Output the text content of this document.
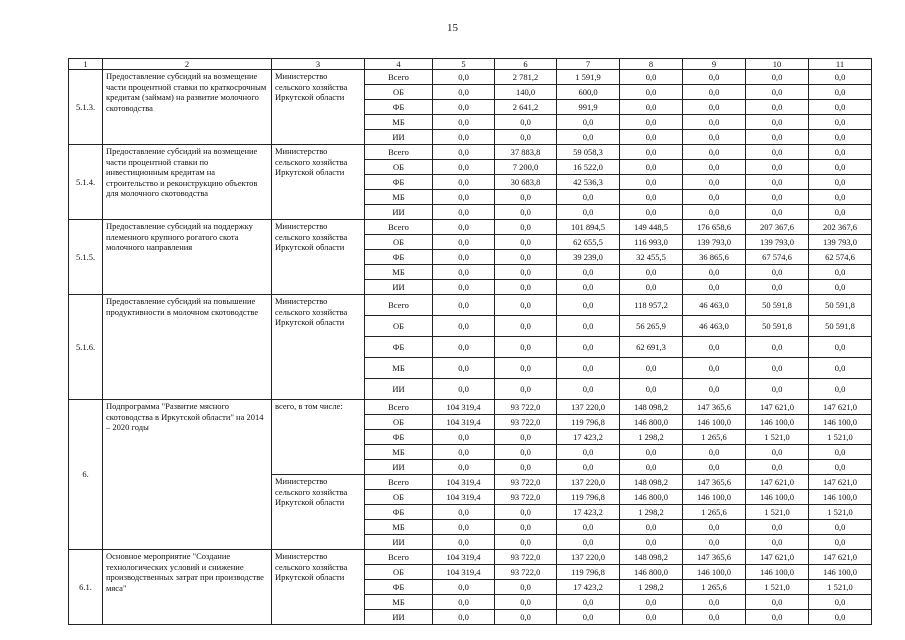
15
1	2	3	4	5	6	7	8	9	10	11
5.1.3.	Предоставление субсидий на возмещение части процентной ставки по краткосрочным кредитам (займам) на развитие молочного скотоводства	Министерство сельского хозяйства Иркутской области	Всего	0,0	2 781,2	1 591,9	0,0	0,0	0,0	0,0
			ОБ	0,0	140,0	600,0	0,0	0,0	0,0	0,0
			ФБ	0,0	2 641,2	991,9	0,0	0,0	0,0	0,0
			МБ	0,0	0,0	0,0	0,0	0,0	0,0	0,0
			ИИ	0,0	0,0	0,0	0,0	0,0	0,0	0,0
5.1.4.	Предоставление субсидий на возмещение части процентной ставки по инвестиционным кредитам на строительство и реконструкцию объектов для молочного скотоводства	Министерство сельского хозяйства Иркутской области	Всего	0,0	37 883,8	59 058,3	0,0	0,0	0,0	0,0
			ОБ	0,0	7 200,0	16 522,0	0,0	0,0	0,0	0,0
			ФБ	0,0	30 683,8	42 536,3	0,0	0,0	0,0	0,0
			МБ	0,0	0,0	0,0	0,0	0,0	0,0	0,0
			ИИ	0,0	0,0	0,0	0,0	0,0	0,0	0,0
5.1.5.	Предоставление субсидий на поддержку племенного крупного рогатого скота молочного направления	Министерство сельского хозяйства Иркутской области	Всего	0,0	0,0	101 894,5	149 448,5	176 658,6	207 367,6	202 367,6
			ОБ	0,0	0,0	62 655,5	116 993,0	139 793,0	139 793,0	139 793,0
			ФБ	0,0	0,0	39 239,0	32 455,5	36 865,6	67 574,6	62 574,6
			МБ	0,0	0,0	0,0	0,0	0,0	0,0	0,0
			ИИ	0,0	0,0	0,0	0,0	0,0	0,0	0,0
5.1.6.	Предоставление субсидий на повышение продуктивности в молочном скотоводстве	Министерство сельского хозяйства Иркутской области	Всего	0,0	0,0	0,0	118 957,2	46 463,0	50 591,8	50 591,8
			ОБ	0,0	0,0	0,0	56 265,9	46 463,0	50 591,8	50 591,8
			ФБ	0,0	0,0	0,0	62 691,3	0,0	0,0	0,0
			МБ	0,0	0,0	0,0	0,0	0,0	0,0	0,0
			ИИ	0,0	0,0	0,0	0,0	0,0	0,0	0,0
6.	Подпрограмма "Развитие мясного скотоводства в Иркутской области" на 2014 – 2020 годы	всего, в том числе:	Всего	104 319,4	93 722,0	137 220,0	148 098,2	147 365,6	147 621,0	147 621,0
			ОБ	104 319,4	93 722,0	119 796,8	146 800,0	146 100,0	146 100,0	146 100,0
			ФБ	0,0	0,0	17 423,2	1 298,2	1 265,6	1 521,0	1 521,0
			МБ	0,0	0,0	0,0	0,0	0,0	0,0	0,0
			ИИ	0,0	0,0	0,0	0,0	0,0	0,0	0,0
		Министерство сельского хозяйства Иркутской области	Всего	104 319,4	93 722,0	137 220,0	148 098,2	147 365,6	147 621,0	147 621,0
			ОБ	104 319,4	93 722,0	119 796,8	146 800,0	146 100,0	146 100,0	146 100,0
			ФБ	0,0	0,0	17 423,2	1 298,2	1 265,6	1 521,0	1 521,0
			МБ	0,0	0,0	0,0	0,0	0,0	0,0	0,0
			ИИ	0,0	0,0	0,0	0,0	0,0	0,0	0,0
6.1.	Основное мероприятие "Создание технологических условий и снижение производственных затрат при производстве мяса"	Министерство сельского хозяйства Иркутской области	Всего	104 319,4	93 722,0	137 220,0	148 098,2	147 365,6	147 621,0	147 621,0
			ОБ	104 319,4	93 722,0	119 796,8	146 800,0	146 100,0	146 100,0	146 100,0
			ФБ	0,0	0,0	17 423,2	1 298,2	1 265,6	1 521,0	1 521,0
			МБ	0,0	0,0	0,0	0,0	0,0	0,0	0,0
			ИИ	0,0	0,0	0,0	0,0	0,0	0,0	0,0
